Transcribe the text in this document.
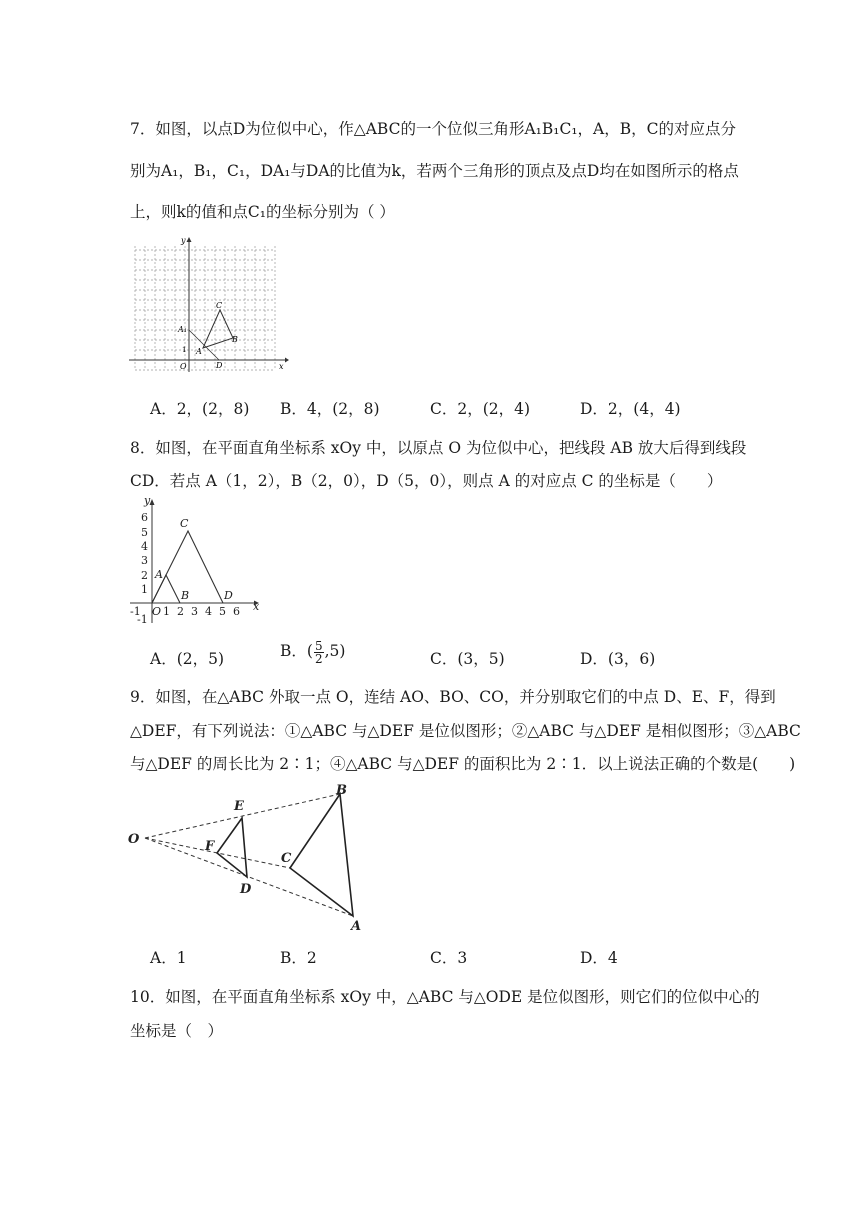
7．如图，以点D为位似中心，作△ABC的一个位似三角形A₁B₁C₁，A，B，C的对应点分
别为A₁，B₁，C₁，DA₁与DA的比值为k，若两个三角形的顶点及点D均在如图所示的格点
上，则k的值和点C₁的坐标分别为（ ）
y
x
O
1
D
A
A₁
B
C
A．2，(2，8) B．4，(2，8)	C．2，(2，4)	D．2，(4，4)
8．如图，在平面直角坐标系 xOy 中，以原点 O 为位似中心，把线段 AB 放大后得到线段
CD．若点 A（1，2），B（2，0），D（5，0），则点 A 的对应点 C 的坐标是（　　）
6
5
4
3
2
1
-1
-1 1 2 3 4 5 6
y
x
O
A
B
C
D
A．(2，5)	B．( $\frac{5}{2} ,5$)	C．(3，5)	D．(3，6)
9．如图，在△ABC 外取一点 O，连结 AO、BO、CO，并分别取它们的中点 D、E、F，得到
△DEF，有下列说法：①△ABC 与△DEF 是位似图形；②△ABC 与△DEF 是相似图形；③△ABC
与△DEF 的周长比为 2∶1；④△ABC 与△DEF 的面积比为 2∶1．以上说法正确的个数是(　　)
O
E
F
D
B
C
A
A．1	B．2	C．3	D．4
10．如图，在平面直角坐标系 xOy 中，△ABC 与△ODE 是位似图形，则它们的位似中心的
坐标是（　）
